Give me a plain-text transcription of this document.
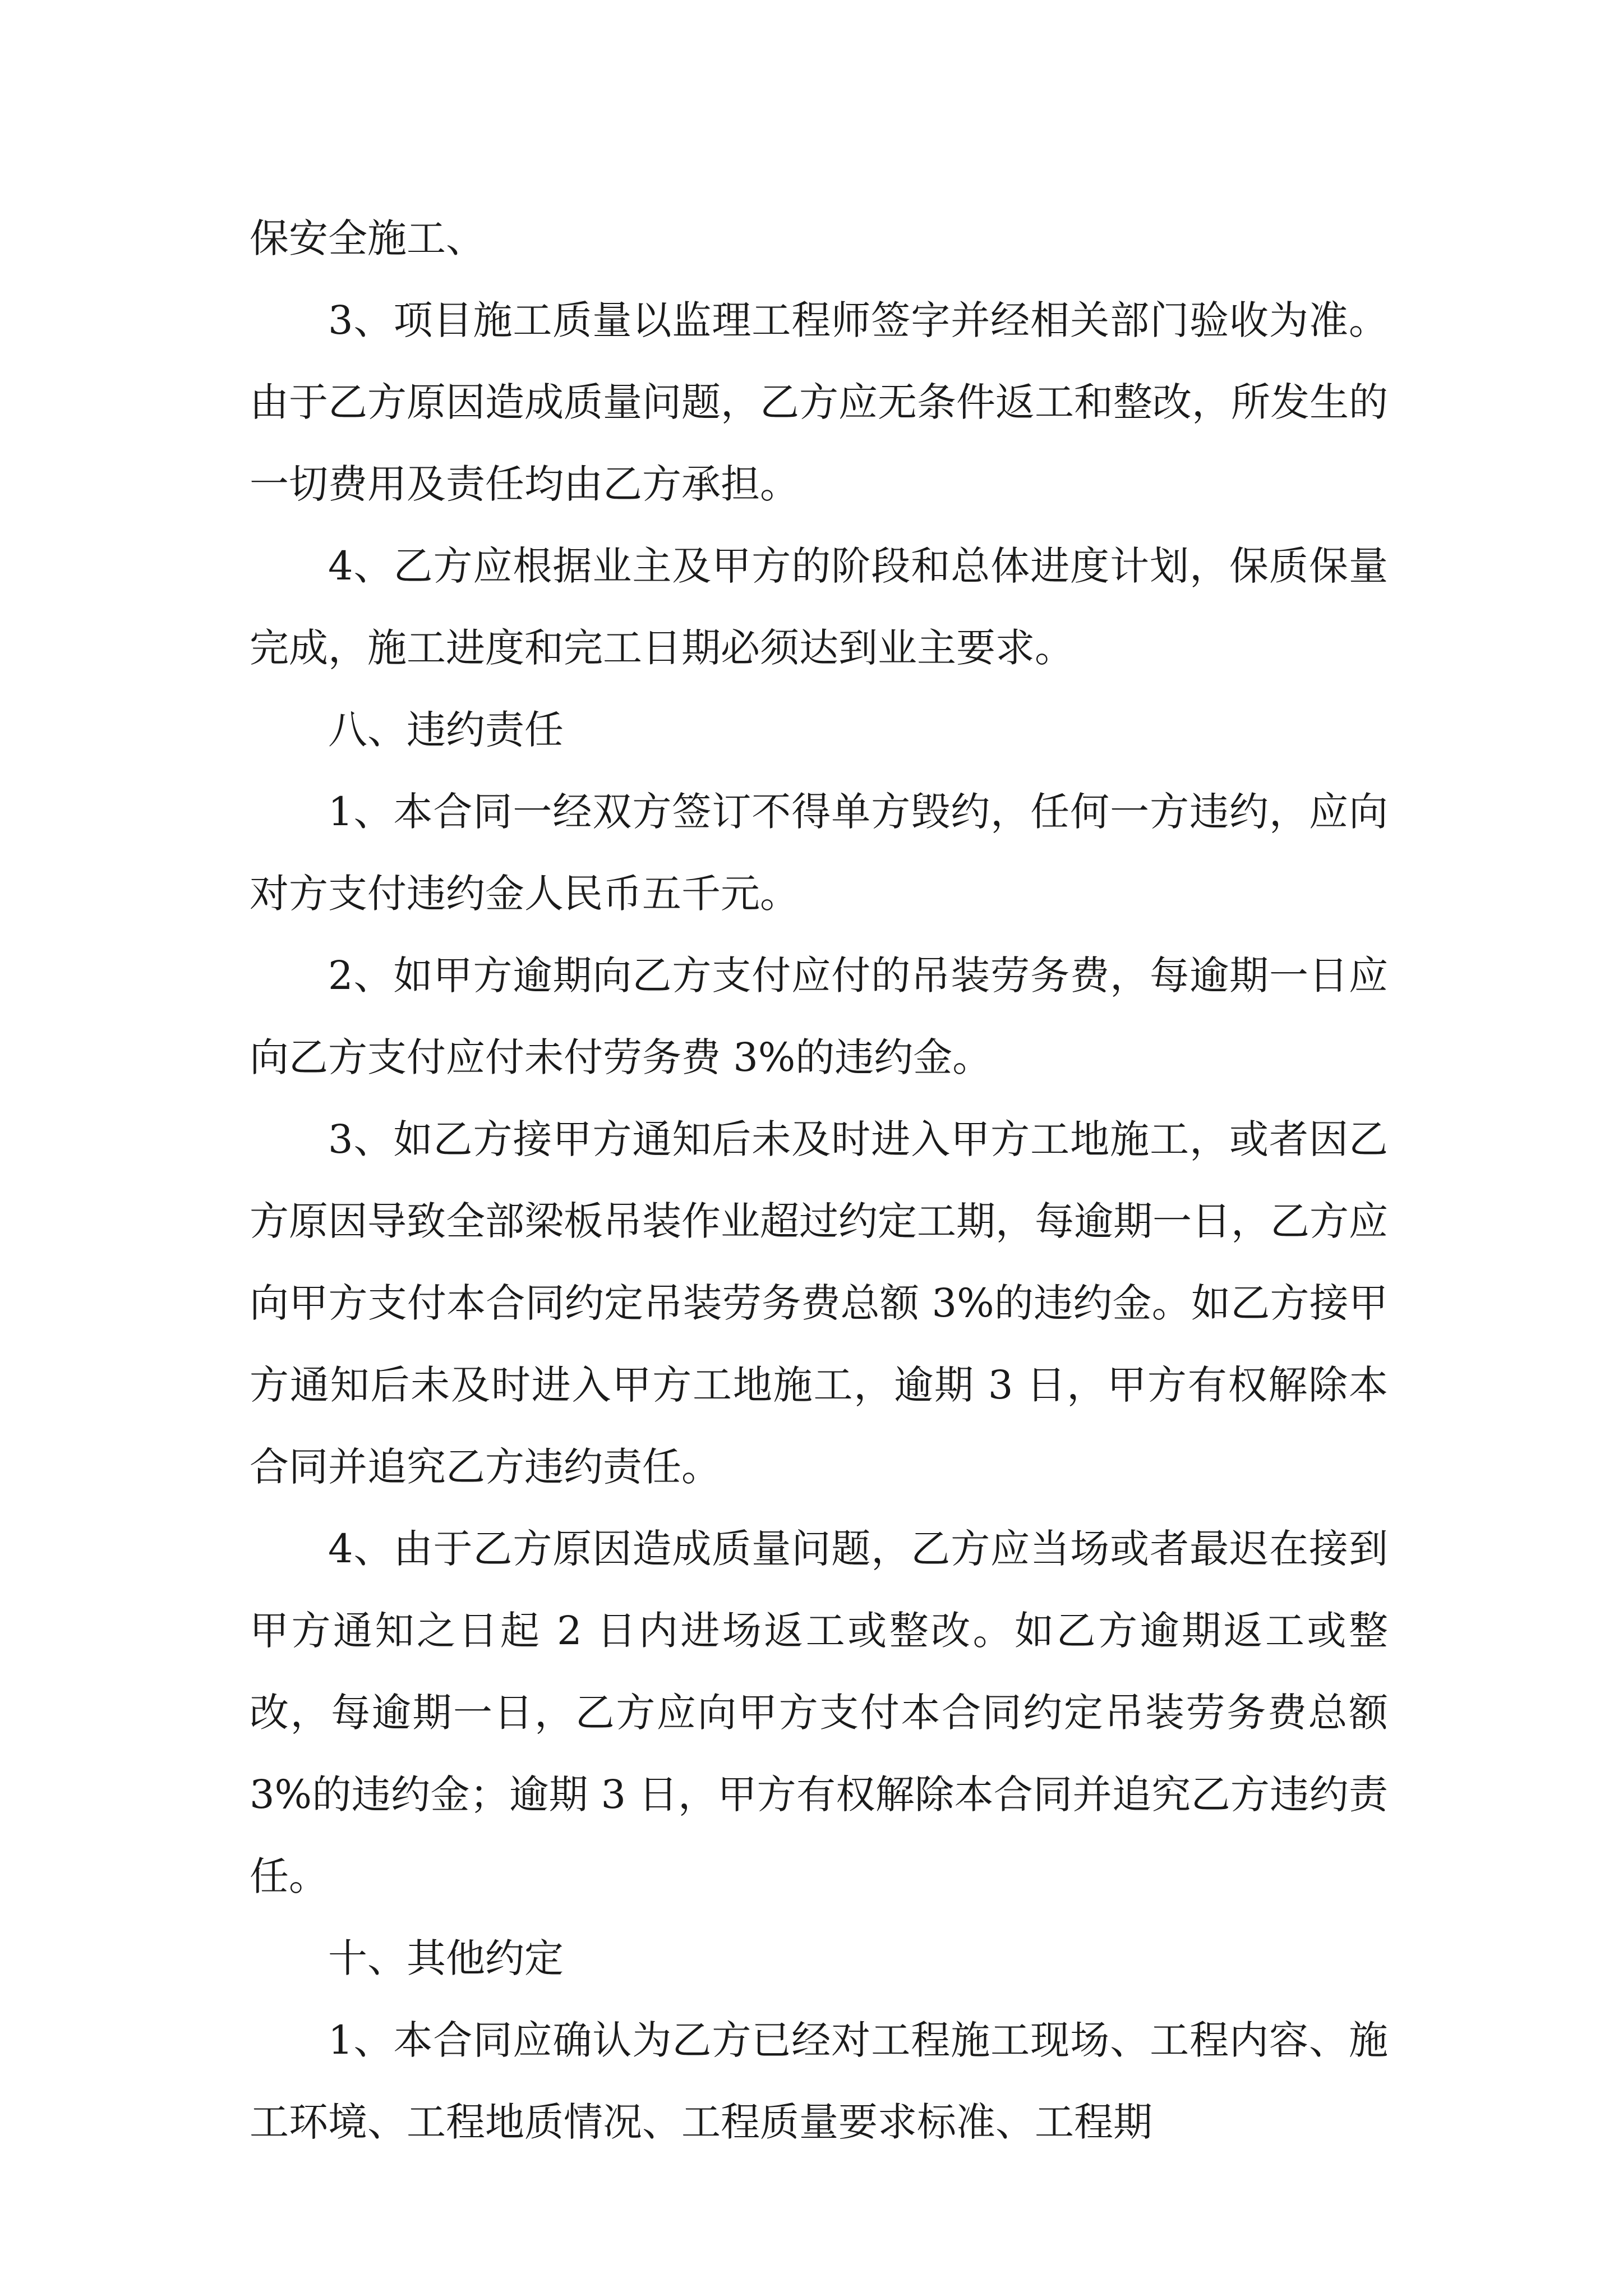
保安全施工、

3、项目施工质量以监理工程师签字并经相关部门验收为准。由于乙方原因造成质量问题，乙方应无条件返工和整改，所发生的一切费用及责任均由乙方承担。

4、乙方应根据业主及甲方的阶段和总体进度计划，保质保量完成，施工进度和完工日期必须达到业主要求。

八、违约责任

1、本合同一经双方签订不得单方毁约，任何一方违约，应向对方支付违约金人民币五千元。

2、如甲方逾期向乙方支付应付的吊装劳务费，每逾期一日应向乙方支付应付未付劳务费 3%的违约金。

3、如乙方接甲方通知后未及时进入甲方工地施工，或者因乙方原因导致全部梁板吊装作业超过约定工期，每逾期一日，乙方应向甲方支付本合同约定吊装劳务费总额 3%的违约金。如乙方接甲方通知后未及时进入甲方工地施工，逾期 3 日，甲方有权解除本合同并追究乙方违约责任。

4、由于乙方原因造成质量问题，乙方应当场或者最迟在接到甲方通知之日起 2 日内进场返工或整改。如乙方逾期返工或整改，每逾期一日，乙方应向甲方支付本合同约定吊装劳务费总额 3%的违约金；逾期 3 日，甲方有权解除本合同并追究乙方违约责任。

十、其他约定

1、本合同应确认为乙方已经对工程施工现场、工程内容、施工环境、工程地质情况、工程质量要求标准、工程期
